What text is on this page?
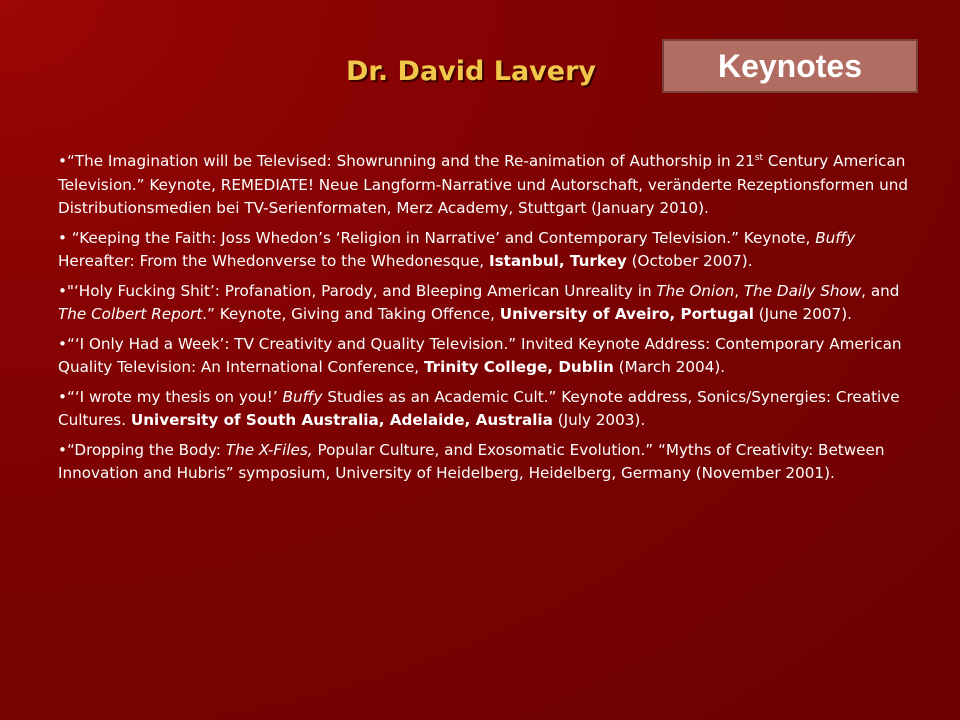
Dr. David Lavery	Keynotes
•“The Imagination will be Televised: Showrunning and the Re-animation of Authorship in 21st Century American Television.” Keynote, REMEDIATE! Neue Langform-Narrative und Autorschaft, veränderte Rezeptionsformen und Distributionsmedien bei TV-Serienformaten, Merz Academy, Stuttgart (January 2010).
• “Keeping the Faith: Joss Whedon’s ‘Religion in Narrative’ and Contemporary Television.” Keynote, Buffy Hereafter: From the Whedonverse to the Whedonesque, Istanbul, Turkey (October 2007).
•"‘Holy Fucking Shit’: Profanation, Parody, and Bleeping American Unreality in The Onion, The Daily Show, and The Colbert Report.” Keynote, Giving and Taking Offence, University of Aveiro, Portugal (June 2007).
•“‘I Only Had a Week’: TV Creativity and Quality Television.” Invited Keynote Address: Contemporary American Quality Television: An International Conference, Trinity College, Dublin (March 2004).
•“‘I wrote my thesis on you!’ Buffy Studies as an Academic Cult.” Keynote address, Sonics/Synergies: Creative Cultures. University of South Australia, Adelaide, Australia (July 2003).
•“Dropping the Body: The X-Files, Popular Culture, and Exosomatic Evolution.” “Myths of Creativity: Between Innovation and Hubris” symposium, University of Heidelberg, Heidelberg, Germany (November 2001).
